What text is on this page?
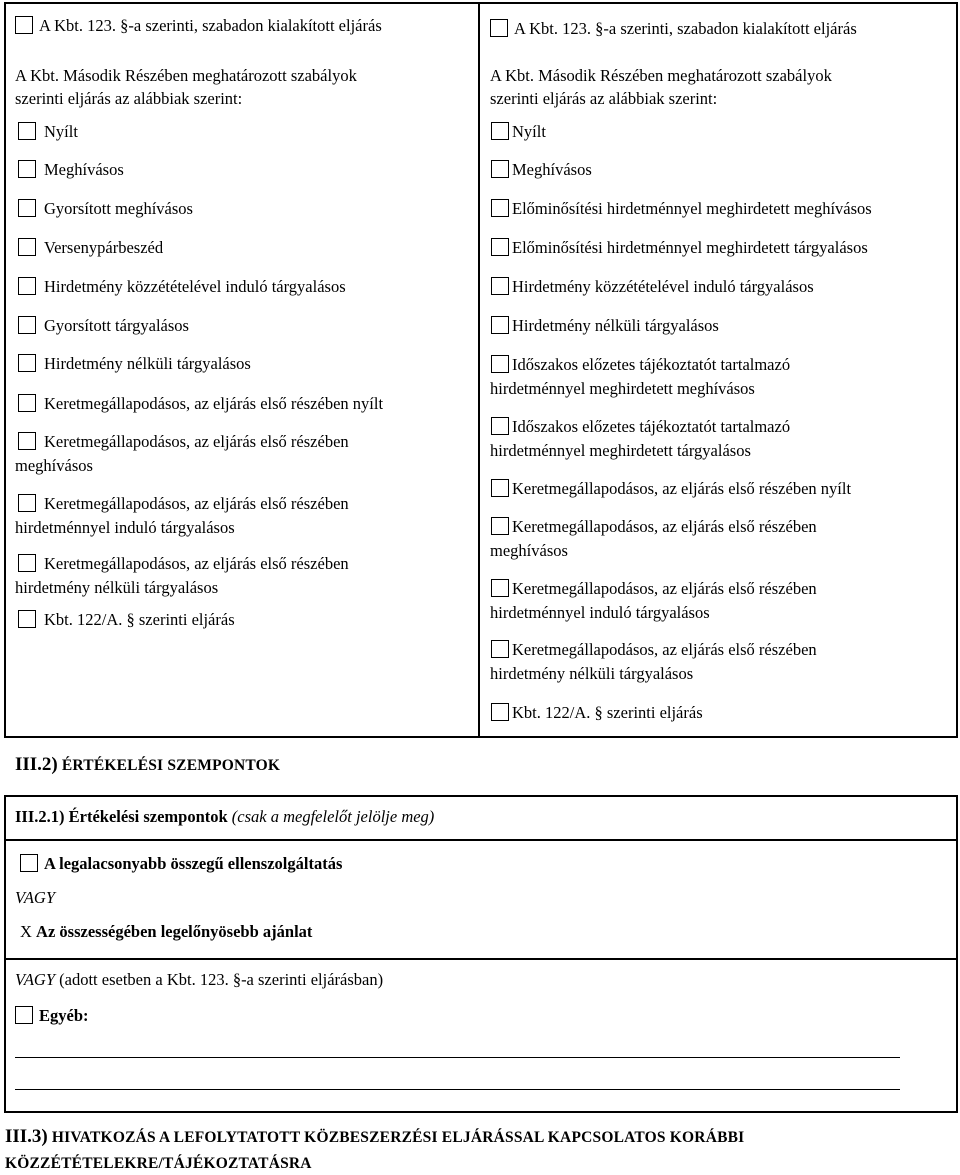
A Kbt. 123. §-a szerinti, szabadon kialakított eljárás
A Kbt. Második Részében meghatározott szabályok
szerinti eljárás az alábbiak szerint:
Nyílt
Meghívásos
Gyorsított meghívásos
Versenypárbeszéd
Hirdetmény közzétételével induló tárgyalásos
Gyorsított tárgyalásos
Hirdetmény nélküli tárgyalásos
Keretmegállapodásos, az eljárás első részében nyílt
Keretmegállapodásos, az eljárás első részében
meghívásos
Keretmegállapodásos, az eljárás első részében
hirdetménnyel induló tárgyalásos
Keretmegállapodásos, az eljárás első részében
hirdetmény nélküli tárgyalásos
Kbt. 122/A. § szerinti eljárás
A Kbt. 123. §-a szerinti, szabadon kialakított eljárás
A Kbt. Második Részében meghatározott szabályok
szerinti eljárás az alábbiak szerint:
Nyílt
Meghívásos
Előminősítési hirdetménnyel meghirdetett meghívásos
Előminősítési hirdetménnyel meghirdetett tárgyalásos
Hirdetmény közzétételével induló tárgyalásos
Hirdetmény nélküli tárgyalásos
Időszakos előzetes tájékoztatót tartalmazó
hirdetménnyel meghirdetett meghívásos
Időszakos előzetes tájékoztatót tartalmazó
hirdetménnyel meghirdetett tárgyalásos
Keretmegállapodásos, az eljárás első részében nyílt
Keretmegállapodásos, az eljárás első részében
meghívásos
Keretmegállapodásos, az eljárás első részében
hirdetménnyel induló tárgyalásos
Keretmegállapodásos, az eljárás első részében
hirdetmény nélküli tárgyalásos
Kbt. 122/A. § szerinti eljárás
III.2) ÉRTÉKELÉSI SZEMPONTOK
III.2.1) Értékelési szempontok (csak a megfelelőt jelölje meg)
A legalacsonyabb összegű ellenszolgáltatás
VAGY
X Az összességében legelőnyösebb ajánlat
VAGY (adott esetben a Kbt. 123. §-a szerinti eljárásban)
Egyéb:
III.3) HIVATKOZÁS A LEFOLYTATOTT KÖZBESZERZÉSI ELJÁRÁSSAL KAPCSOLATOS KORÁBBI
KÖZZÉTÉTELEKRE/TÁJÉKOZTATÁSRA
